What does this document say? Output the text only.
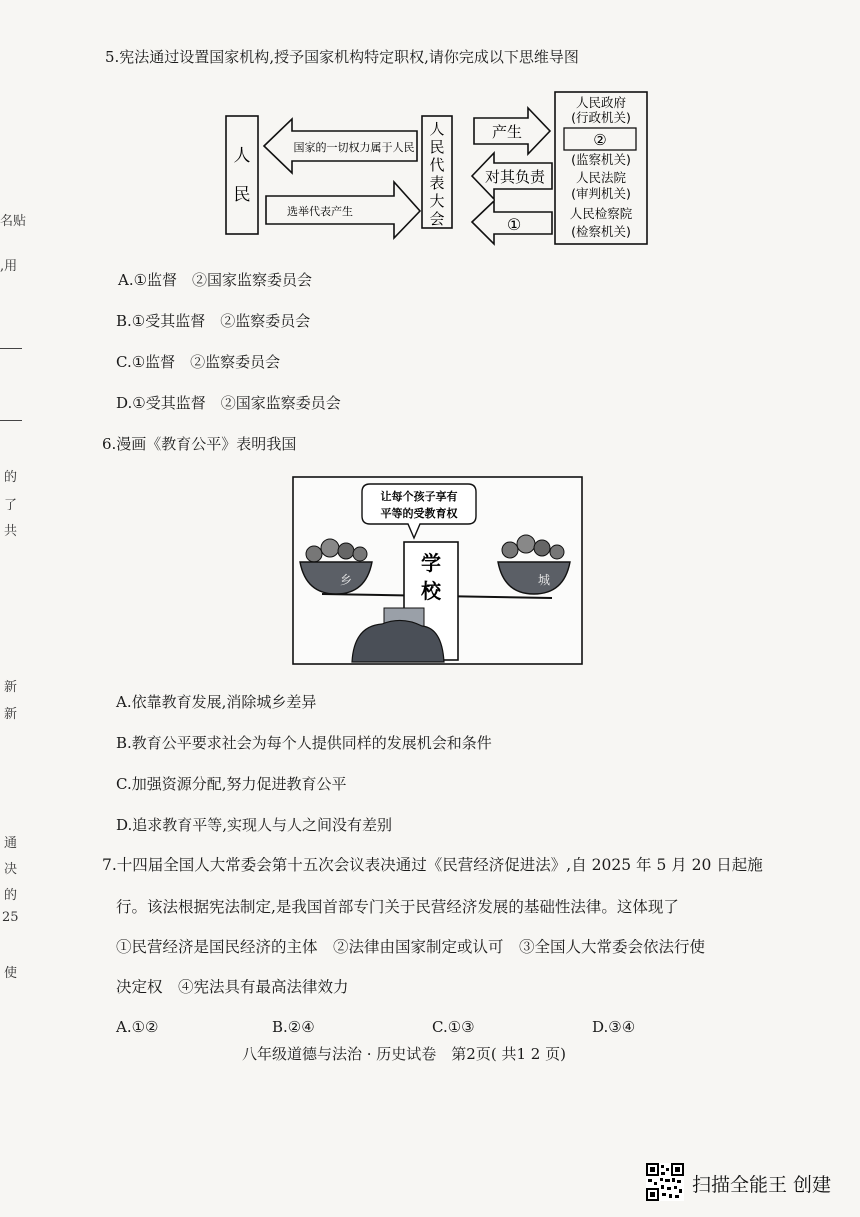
名贴
,用
的
了
共
新
新
通
决
的
25
使
5.宪法通过设置国家机构,授予国家机构特定职权,请你完成以下思维导图
人
民
国家的一切权力属于人民
选举代表产生
人
民
代
表
大
会
产生
对其负责
①
人民政府
(行政机关)
②
(监察机关)
人民法院
(审判机关)
人民检察院
(检察机关)
A.①监督　②国家监察委员会
B.①受其监督　②监察委员会
C.①监督　②监察委员会
D.①受其监督　②国家监察委员会
6.漫画《教育公平》表明我国
让每个孩子享有
平等的受教育权
乡	城
学
校
A.依靠教育发展,消除城乡差异
B.教育公平要求社会为每个人提供同样的发展机会和条件
C.加强资源分配,努力促进教育公平
D.追求教育平等,实现人与人之间没有差别
7.十四届全国人大常委会第十五次会议表决通过《民营经济促进法》,自 2025 年 5 月 20 日起施
行。该法根据宪法制定,是我国首部专门关于民营经济发展的基础性法律。这体现了
①民营经济是国民经济的主体　②法律由国家制定或认可　③全国人大常委会依法行使
决定权　④宪法具有最高法律效力
A.①②	B.②④	C.①③	D.③④
八年级道德与法治 · 历史试卷　第2页( 共1 2 页)
扫描全能王 创建
